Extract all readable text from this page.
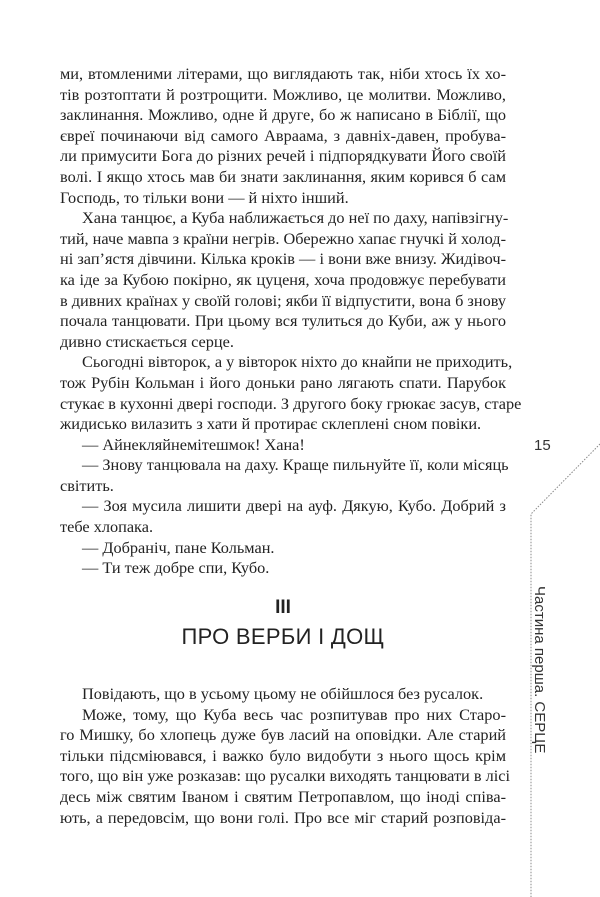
ми, втомленими літерами, що виглядають так, ніби хтось їх хо-
тів розтоптати й розтрощити. Можливо, це молитви. Можливо,
заклинання. Можливо, одне й друге, бо ж написано в Біблії, що
євреї починаючи від самого Авраама, з давніх-давен, пробува-
ли примусити Бога до різних речей і підпорядкувати Його своїй
волі. І якщо хтось мав би знати заклинання, яким корився б сам
Господь, то тільки вони — й ніхто інший.
Хана танцює, а Куба наближається до неї по даху, напівзігну-
тий, наче мавпа з країни негрів. Обережно хапає гнучкі й холод-
ні зап’ястя дівчини. Кілька кроків — і вони вже внизу. Жидівоч-
ка іде за Кубою покірно, як цуценя, хоча продовжує перебувати
в дивних країнах у своїй голові; якби її відпустити, вона б знову
почала танцювати. При цьому вся тулиться до Куби, аж у нього
дивно стискається серце.
Сьогодні вівторок, а у вівторок ніхто до кнайпи не приходить,
тож Рубін Кольман і його доньки рано лягають спати. Парубок
стукає в кухонні двері господи. З другого боку грюкає засув, старе
жидисько вилазить з хати й протирає склеплені сном повіки.
— Айнекляйнемітешмок! Хана!
— Знову танцювала на даху. Краще пильнуйте її, коли місяць
світить.
— Зоя мусила лишити двері на ауф. Дякую, Кубо. Добрий з
тебе хлопака.
— Добраніч, пане Кольман.
— Ти теж добре спи, Кубо.
III
ПРО ВЕРБИ І ДОЩ
Повідають, що в усьому цьому не обійшлося без русалок.
Може, тому, що Куба весь час розпитував про них Старо-
го Мишку, бо хлопець дуже був ласий на оповідки. Але старий
тільки підсміювався, і важко було видобути з нього щось крім
того, що він уже розказав: що русалки виходять танцювати в лісі
десь між святим Іваном і святим Петропавлом, що іноді співа-
ють, а передовсім, що вони голі. Про все міг старий розповіда-
15
Частина перша. СЕРЦЕ
